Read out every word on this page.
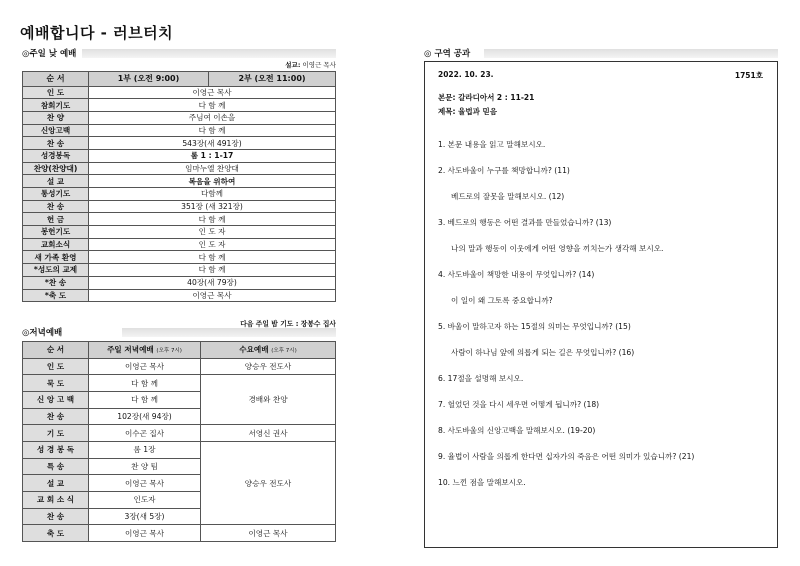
예배합니다 - 러브터치
◎주일 낮 예배
설교: 이영근 목사
순 서	1부 (오전 9:00)	2부 (오전 11:00)
인 도	이영근 목사	
참회기도	다 함 께	
찬 양	주님여 이손을	
신앙고백	다 함 께	
찬 송	543장(새 491장)	
성경봉독	롬 1 : 1-17	
찬양(찬양대)	임마누엘 찬양대	
설 교	복음을 위하여	
통성기도	다함께	
찬 송	351장 (새 321장)	
헌 금	다 함 께	
봉헌기도	인 도 자	
교회소식	인 도 자	
새 가족 환영	다 함 께	
*성도의 교제	다 함 께	
*찬 송	40장(새 79장)	
*축 도	이영근 목사	
다음 주일 밤 기도 : 장봉수 집사
◎저녁예배
순 서	주일 저녁예배 (오후 7시)	수요예배 (오후 7시)
인 도	이영근 목사	양승우 전도사
묵 도	다 함 께	경배와 찬양
신 앙 고 백	다 함 께	
찬 송	102장(새 94장)	
기 도	이수곤 집사	서영신 권사
성 경 봉 독	롬 1장	양승우 전도사
특 송	찬 양 팀	
설 교	이영근 목사	
교 회 소 식	인도자	
찬 송	3장(새 5장)	
축 도	이영근 목사	이영근 목사
◎ 구역 공과
2022. 10. 23.	1751호
본문: 갈라디아서 2 : 11-21
제목: 율법과 믿음
1. 본문 내용을 읽고 말해보시오.
2. 사도바울이 누구를 책망합니까? (11)
베드로의 잘못을 말해보시오. (12)
3. 베드로의 행동은 어떤 결과를 만들었습니까? (13)
나의 말과 행동이 이웃에게 어떤 영향을 끼치는가 생각해 보시오.
4. 사도바울이 책망한 내용이 무엇입니까? (14)
이 일이 왜 그토록 중요합니까?
5. 바울이 말하고자 하는 15절의 의미는 무엇입니까? (15)
사람이 하나님 앞에 의롭게 되는 길은 무엇입니까? (16)
6. 17절을 설명해 보시오.
7. 헐었던 것을 다시 세우면 어떻게 됩니까? (18)
8. 사도바울의 신앙고백을 말해보시오. (19-20)
9. 율법이 사람을 의롭게 한다면 십자가의 죽음은 어떤 의미가 있습니까? (21)
10. 느낀 점을 말해보시오.
